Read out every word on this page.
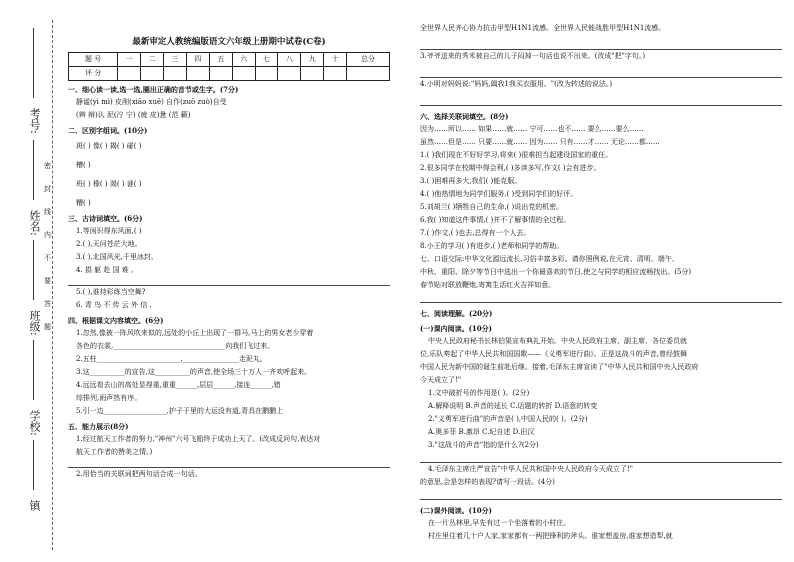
考号:
姓名:
班级:
学校:
镇
密
封
线
内
不
要
答
题
最新审定人教统编版语文六年级上册期中试卷(C卷)
题 号	一	二	三	四	五	六	七	八	九	十	总分
评 分											
一、细心读一读,选一选,圈出正确的音节或生字。(7分)
静谧(yì mì) 皮削(xiāo xuē) 自作(zuō zuò)自受
(辨 辩)认 泥(泞 宁) (疲 皮)惫 (范 籁)
二、区别字组词。(10分)
斑( ) 像( ) 揭( ) 碰( )
槽( )
班( ) 橡( ) 渴( ) 谜( )
糟( )
三、古诗词填空。(6分)
1.等闲识得东风面,( )
2.( ),天问苍茫大地。
3.( ),北国风光,千里冰封。
4. 捐 躯 赴 国 难 ,
5.( ),谁持彩练当空舞?
6. 青 鸟 不 传 云 外 信 ,
四、根据课文内容填空。(6分)
1.忽然,像被一阵风吹来似的,远处的小丘上出现了一群马,马上的男女老少穿着
各色的衣裳,________________________________向我们飞过来。
2.五柱________________________,________________走泥丸。
3.这__________的宣告,这__________的声音,使全场三十万人一齐欢呼起来。
4.远远看去山的高处显得重,重重______,层层______,接连______,错
综排列,雨声热有序。
5.引一边__________________,护子于里的大运没有道,青具在鹏鹏上
五、能力展示(8分)
1.经过航天工作者的努力,"神州"六号飞船终于成功上天了。(改成反问句,表达对
航天工作者的赞美之情。)
2.用恰当的关联词把两句话合成一句话。
全世界人民齐心协力抗击甲型H1N1流感。全世界人民能战胜甲型H1N1流感。
3.爷爷送来的秀米被自己的儿子闷掉一句话也说不出来。(改成"把"字句。)
4.小明对妈妈说:"妈妈,阖我1我买衣服用。"(改为转述的说法。)
六、选择关联词填空。(8分)
因为……所以…… 如果……就…… 宁可……也不…… 要么……要么……
虽然……但是…… 只要……就…… 因为…… 只有……才…… 无论……都……
1.( )我们现在不好好学习,将来( )很难担当起建设国家的重任。
2.很多同学在校期中得会利,( )多读多写,作文( )会有进步。
3.( )困难再多大,我们( )能克服。
4.( )他热情地为同学们服务,( )受到同学们的好评。
5.刘胡兰( )牺牲自己的生命,( )说出党的机密。
6.我( )知道这件事情,( )并不了解事情的全过程。
7.( )作文,( )也去,总得有一个人去。
8.小王的学习( )有进步,( )老师和同学的帮助。
七、口语交际:中华文化源远流长,习俗丰富多彩。请你照例说,在元宵、清明、端午、
中秋、重阳、除夕等节日中选出一个你最喜欢的节日,使之与同学的相应流畅找出。(5分)
春节贴对联放鞭炮,寄寓生活红火吉祥如意。
七、阅读理解。(20分)
(一)课内阅读。(10分)
中央人民政府秘书长林伯渠宣布典礼开始。中央人民政府主席、副主席、各位委员就
位,乐队奏起了中华人民共和国国歌——《义勇军进行曲》。正是这战斗的声音,曾经鼓舞
中国人民为新中国的诞生前赴后继。接着,毛泽东主席宣读了"中华人民共和国中央人民政府
今天成立了!"
1.文中破折号的作用是( )。(2分)
A.解释说明 B.声音的延长 C.话题的转折 D.语意的转变
2."义勇军进行曲"的声音是( ),中国人民的( )。(2分)
A.奥多菲 B.激昂 C.纪自述 D.田汉
3."这战斗的声音"指的是什么?(2分)
4.毛泽东主席庄严宣告"中华人民共和国中央人民政府今天成立了!"
的意思,会是怎样的表现?请写一段话。(4分)
(二)课外阅读。(10分)
在一片丛林里,早先有过一个坐落着的小村庄。
村庄里住着几十户人家,家家都有一两把锋利的斧头。谁家想盖房,谁家想造犁,就
